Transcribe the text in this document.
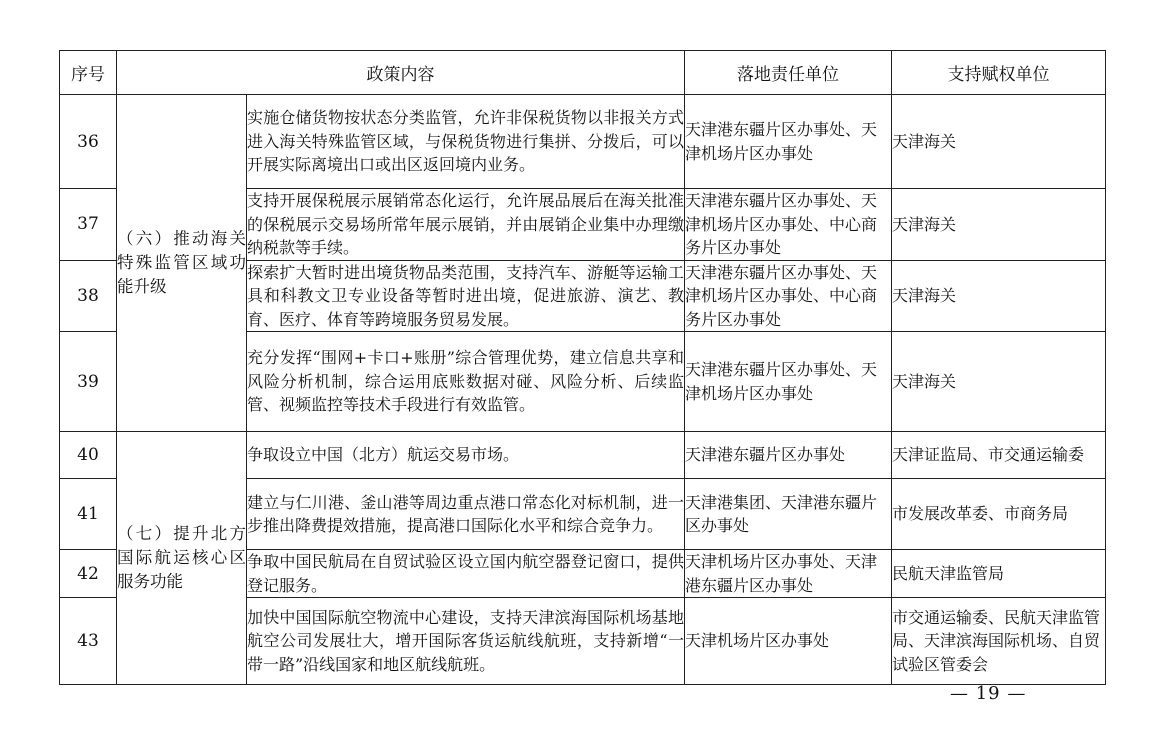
序号	政策内容		落地责任单位	支持赋权单位
36	（六）推动海关特殊监管区域功能升级	实施仓储货物按状态分类监管，允许非保税货物以非报关方式进入海关特殊监管区域，与保税货物进行集拼、分拨后，可以开展实际离境出口或出区返回境内业务。	天津港东疆片区办事处、天津机场片区办事处	天津海关
37		支持开展保税展示展销常态化运行，允许展品展后在海关批准的保税展示交易场所常年展示展销，并由展销企业集中办理缴纳税款等手续。	天津港东疆片区办事处、天津机场片区办事处、中心商务片区办事处	天津海关
38		探索扩大暂时进出境货物品类范围，支持汽车、游艇等运输工具和科教文卫专业设备等暂时进出境，促进旅游、演艺、教育、医疗、体育等跨境服务贸易发展。	天津港东疆片区办事处、天津机场片区办事处、中心商务片区办事处	天津海关
39		充分发挥“围网+卡口+账册”综合管理优势，建立信息共享和风险分析机制，综合运用底账数据对碰、风险分析、后续监管、视频监控等技术手段进行有效监管。	天津港东疆片区办事处、天津机场片区办事处	天津海关
40	（七）提升北方国际航运核心区服务功能	争取设立中国（北方）航运交易市场。	天津港东疆片区办事处	天津证监局、市交通运输委
41		建立与仁川港、釜山港等周边重点港口常态化对标机制，进一步推出降费提效措施，提高港口国际化水平和综合竞争力。	天津港集团、天津港东疆片区办事处	市发展改革委、市商务局
42		争取中国民航局在自贸试验区设立国内航空器登记窗口，提供登记服务。	天津机场片区办事处、天津港东疆片区办事处	民航天津监管局
43		加快中国国际航空物流中心建设，支持天津滨海国际机场基地航空公司发展壮大，增开国际客货运航线航班，支持新增“一带一路”沿线国家和地区航线航班。	天津机场片区办事处	市交通运输委、民航天津监管局、天津滨海国际机场、自贸试验区管委会
— 19 —
